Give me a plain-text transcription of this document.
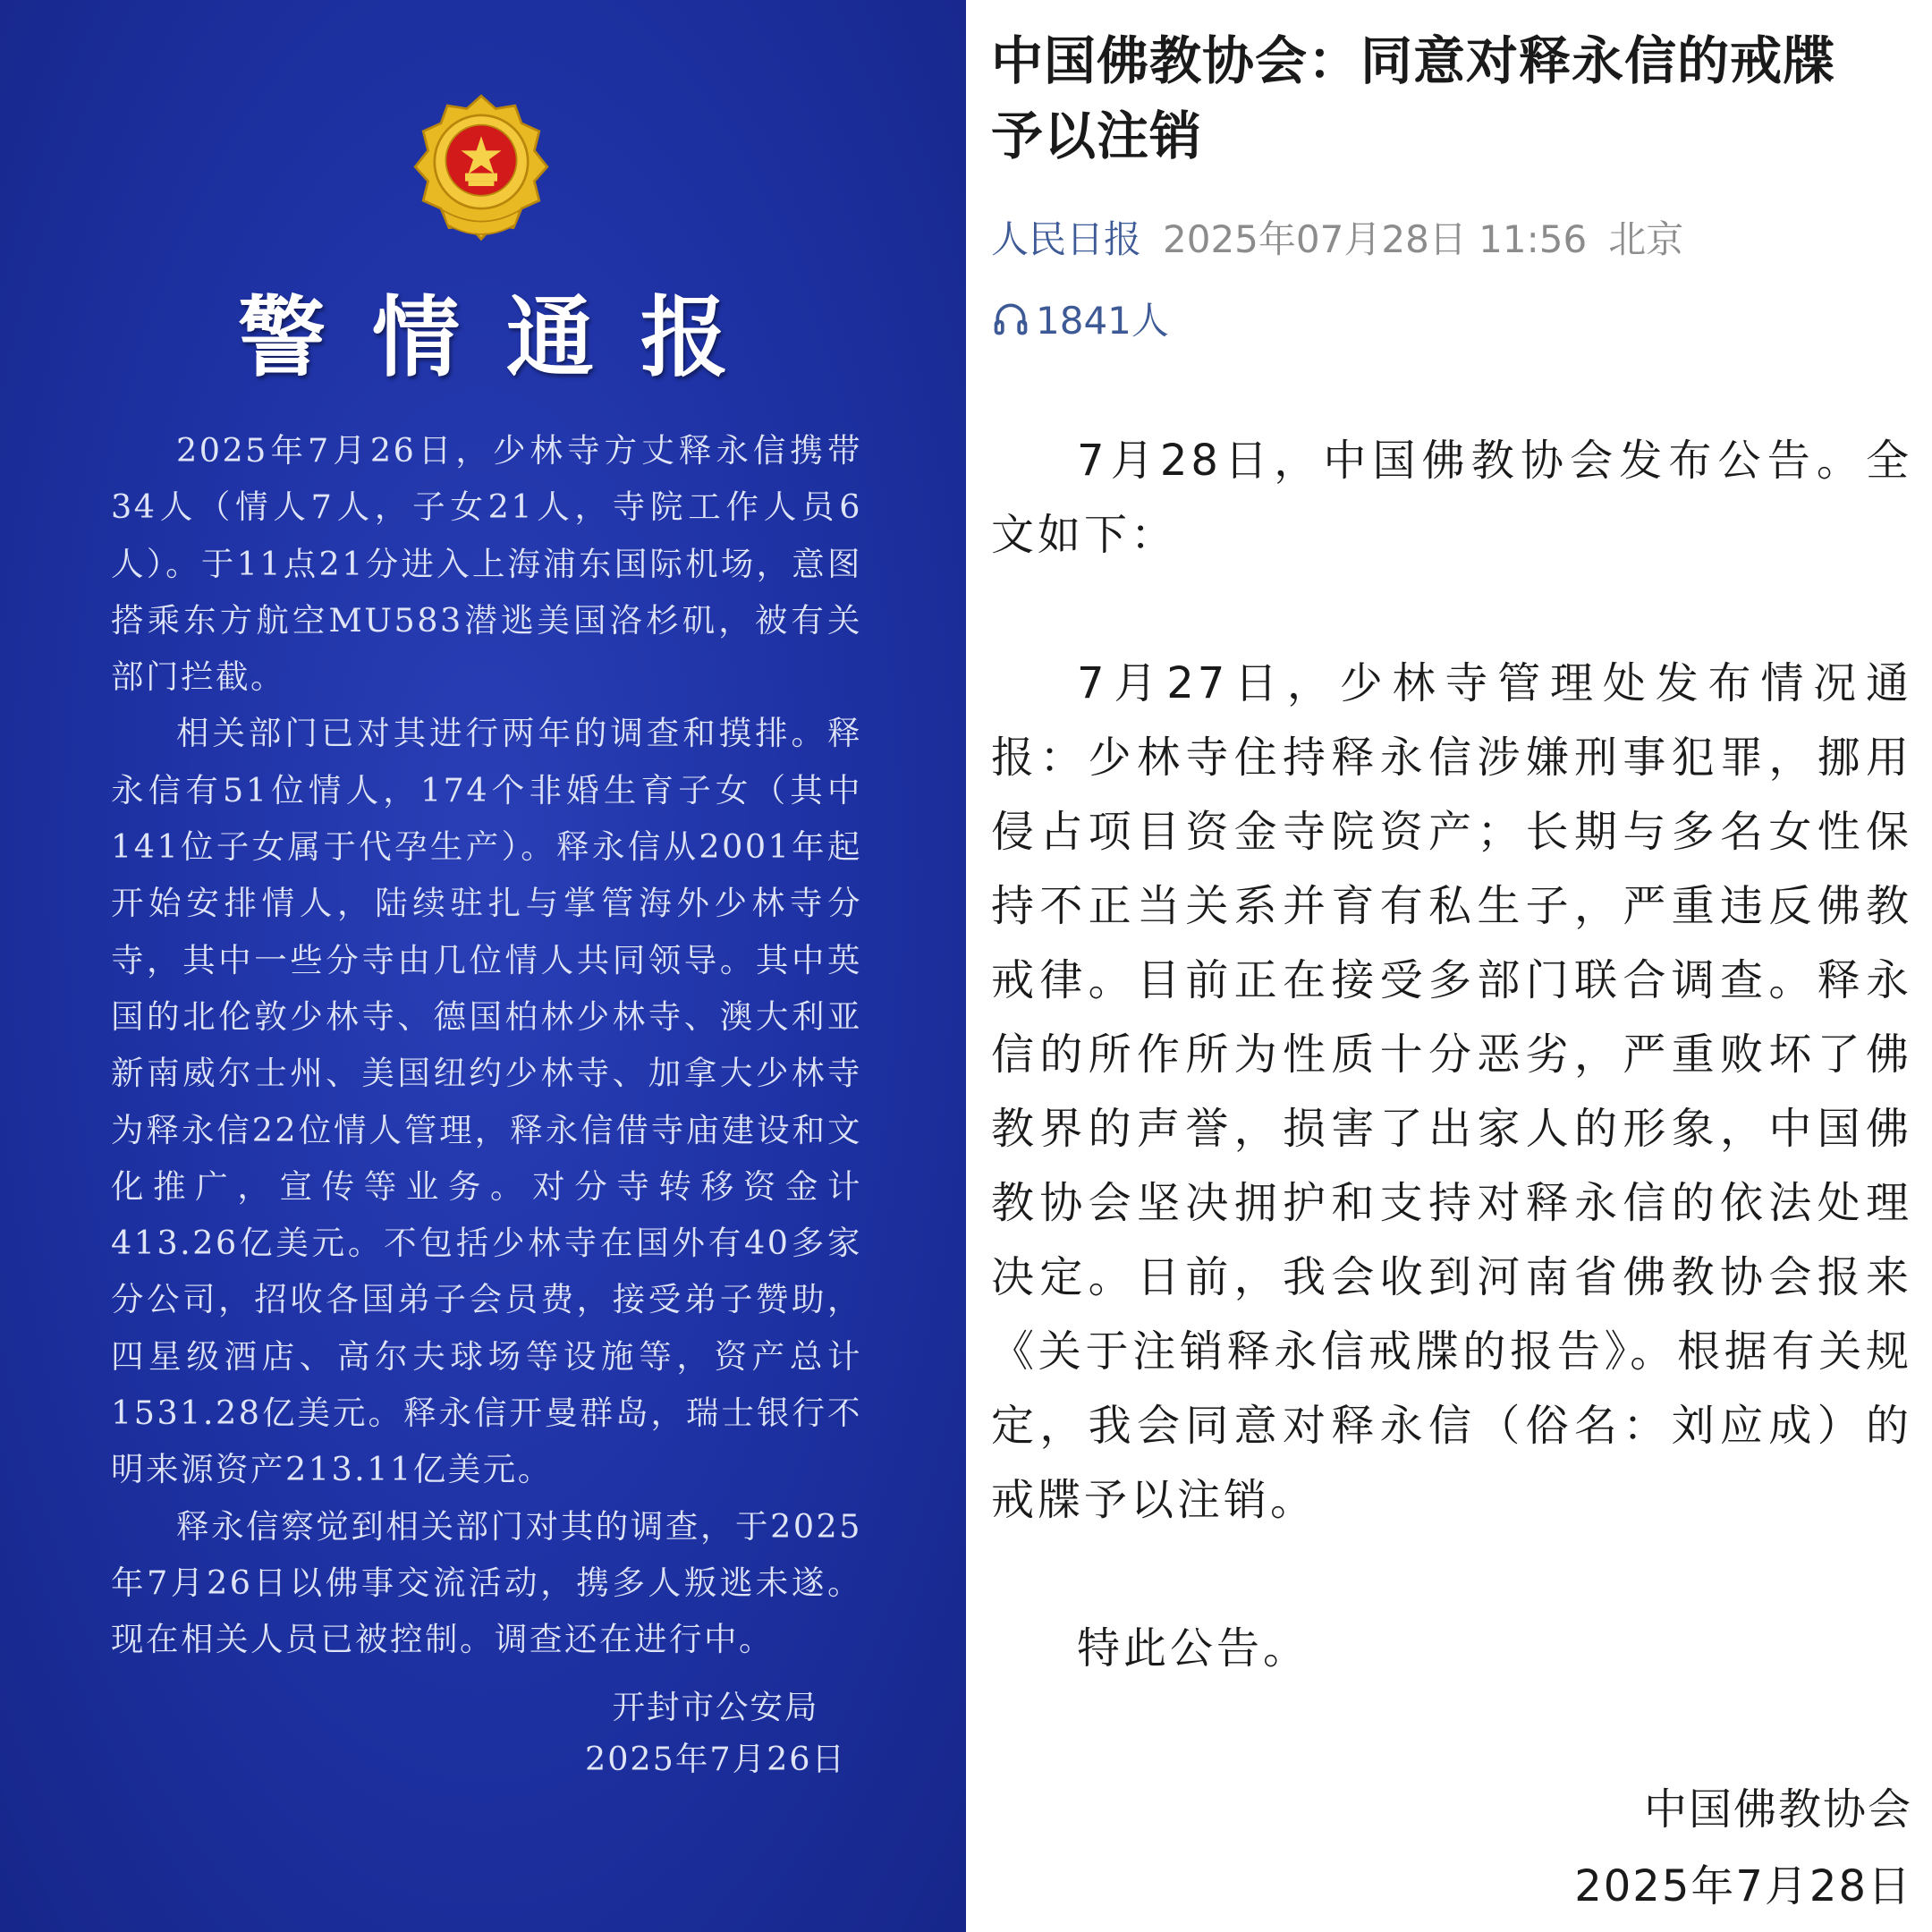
警情通报

2025年7月26日，少林寺方丈释永信携带34人（情人7人，子女21人，寺院工作人员6人）。于11点21分进入上海浦东国际机场，意图搭乘东方航空MU583潜逃美国洛杉矶，被有关部门拦截。

相关部门已对其进行两年的调查和摸排。释永信有51位情人，174个非婚生育子女（其中141位子女属于代孕生产）。释永信从2001年起开始安排情人，陆续驻扎与掌管海外少林寺分寺，其中一些分寺由几位情人共同领导。其中英国的北伦敦少林寺、德国柏林少林寺、澳大利亚新南威尔士州、美国纽约少林寺、加拿大少林寺为释永信22位情人管理，释永信借寺庙建设和文化推广，宣传等业务。对分寺转移资金计413.26亿美元。不包括少林寺在国外有40多家分公司，招收各国弟子会员费，接受弟子赞助，四星级酒店、高尔夫球场等设施等，资产总计1531.28亿美元。释永信开曼群岛，瑞士银行不明来源资产213.11亿美元。

释永信察觉到相关部门对其的调查，于2025年7月26日以佛事交流活动，携多人叛逃未遂。现在相关人员已被控制。调查还在进行中。

开封市公安局
2025年7月26日
中国佛教协会：同意对释永信的戒牒予以注销
人民日报 2025年07月28日 11:56 北京
1841人

7月28日，中国佛教协会发布公告。全文如下：

7月27日，少林寺管理处发布情况通报：少林寺住持释永信涉嫌刑事犯罪，挪用侵占项目资金寺院资产；长期与多名女性保持不正当关系并育有私生子，严重违反佛教戒律。目前正在接受多部门联合调查。释永信的所作所为性质十分恶劣，严重败坏了佛教界的声誉，损害了出家人的形象，中国佛教协会坚决拥护和支持对释永信的依法处理决定。日前，我会收到河南省佛教协会报来《关于注销释永信戒牒的报告》。根据有关规定，我会同意对释永信（俗名：刘应成）的戒牒予以注销。

特此公告。

中国佛教协会
2025年7月28日
